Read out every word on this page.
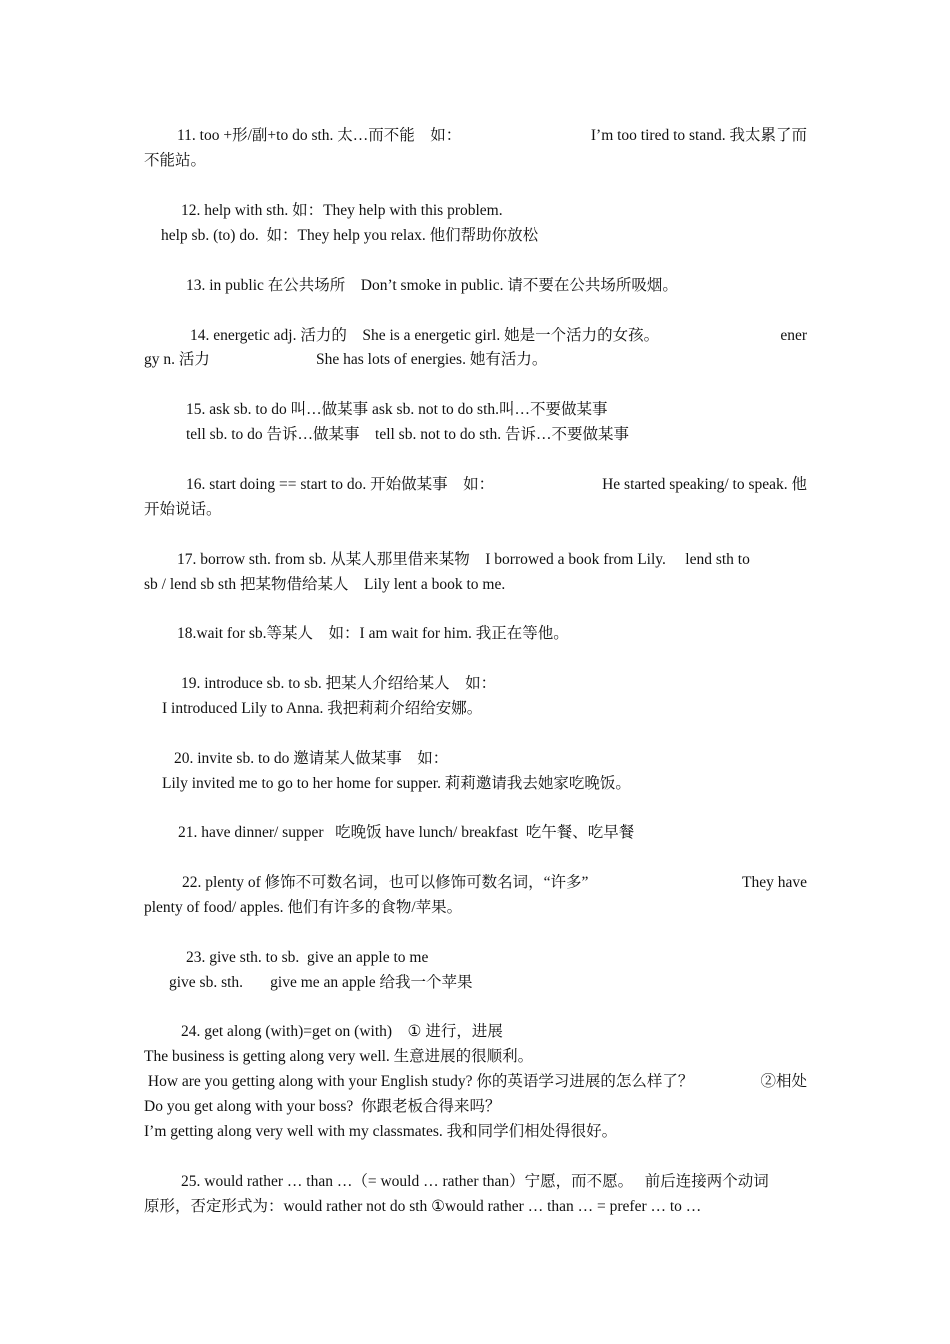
11. too +形/副+to do sth. 太…而不能    如：	I’m too tired to stand. 我太累了而
不能站。
12. help with sth. 如：They help with this problem.
help sb. (to) do.  如：They help you relax. 他们帮助你放松
13. in public 在公共场所    Don’t smoke in public. 请不要在公共场所吸烟。
14. energetic adj. 活力的    She is a energetic girl. 她是一个活力的女孩。	ener
gy n. 活力	She has lots of energies. 她有活力。
15. ask sb. to do 叫…做某事 ask sb. not to do sth.叫…不要做某事
tell sb. to do 告诉…做某事    tell sb. not to do sth. 告诉…不要做某事
16. start doing == start to do. 开始做某事    如：	He started speaking/ to speak. 他
开始说话。
17. borrow sth. from sb. 从某人那里借来某物    I borrowed a book from Lily.     lend sth to
sb / lend sb sth 把某物借给某人    Lily lent a book to me.
18.wait for sb.等某人    如：I am wait for him. 我正在等他。
19. introduce sb. to sb. 把某人介绍给某人    如：
I introduced Lily to Anna. 我把莉莉介绍给安娜。
20. invite sb. to do 邀请某人做某事    如：
Lily invited me to go to her home for supper. 莉莉邀请我去她家吃晚饭。
21. have dinner/ supper   吃晚饭 have lunch/ breakfast  吃午餐、吃早餐
22. plenty of 修饰不可数名词，也可以修饰可数名词，“许多”	They have
plenty of food/ apples. 他们有许多的食物/苹果。
23. give sth. to sb.  give an apple to me
give sb. sth.       give me an apple 给我一个苹果
24. get along (with)=get on (with)    ① 进行，进展
The business is getting along very well. 生意进展的很顺利。
How are you getting along with your English study? 你的英语学习进展的怎么样了？	②相处
Do you get along with your boss?  你跟老板合得来吗？
I’m getting along very well with my classmates. 我和同学们相处得很好。
25. would rather … than …（= would … rather than）宁愿，而不愿。   前后连接两个动词
原形，否定形式为：would rather not do sth ①would rather … than … = prefer … to …
